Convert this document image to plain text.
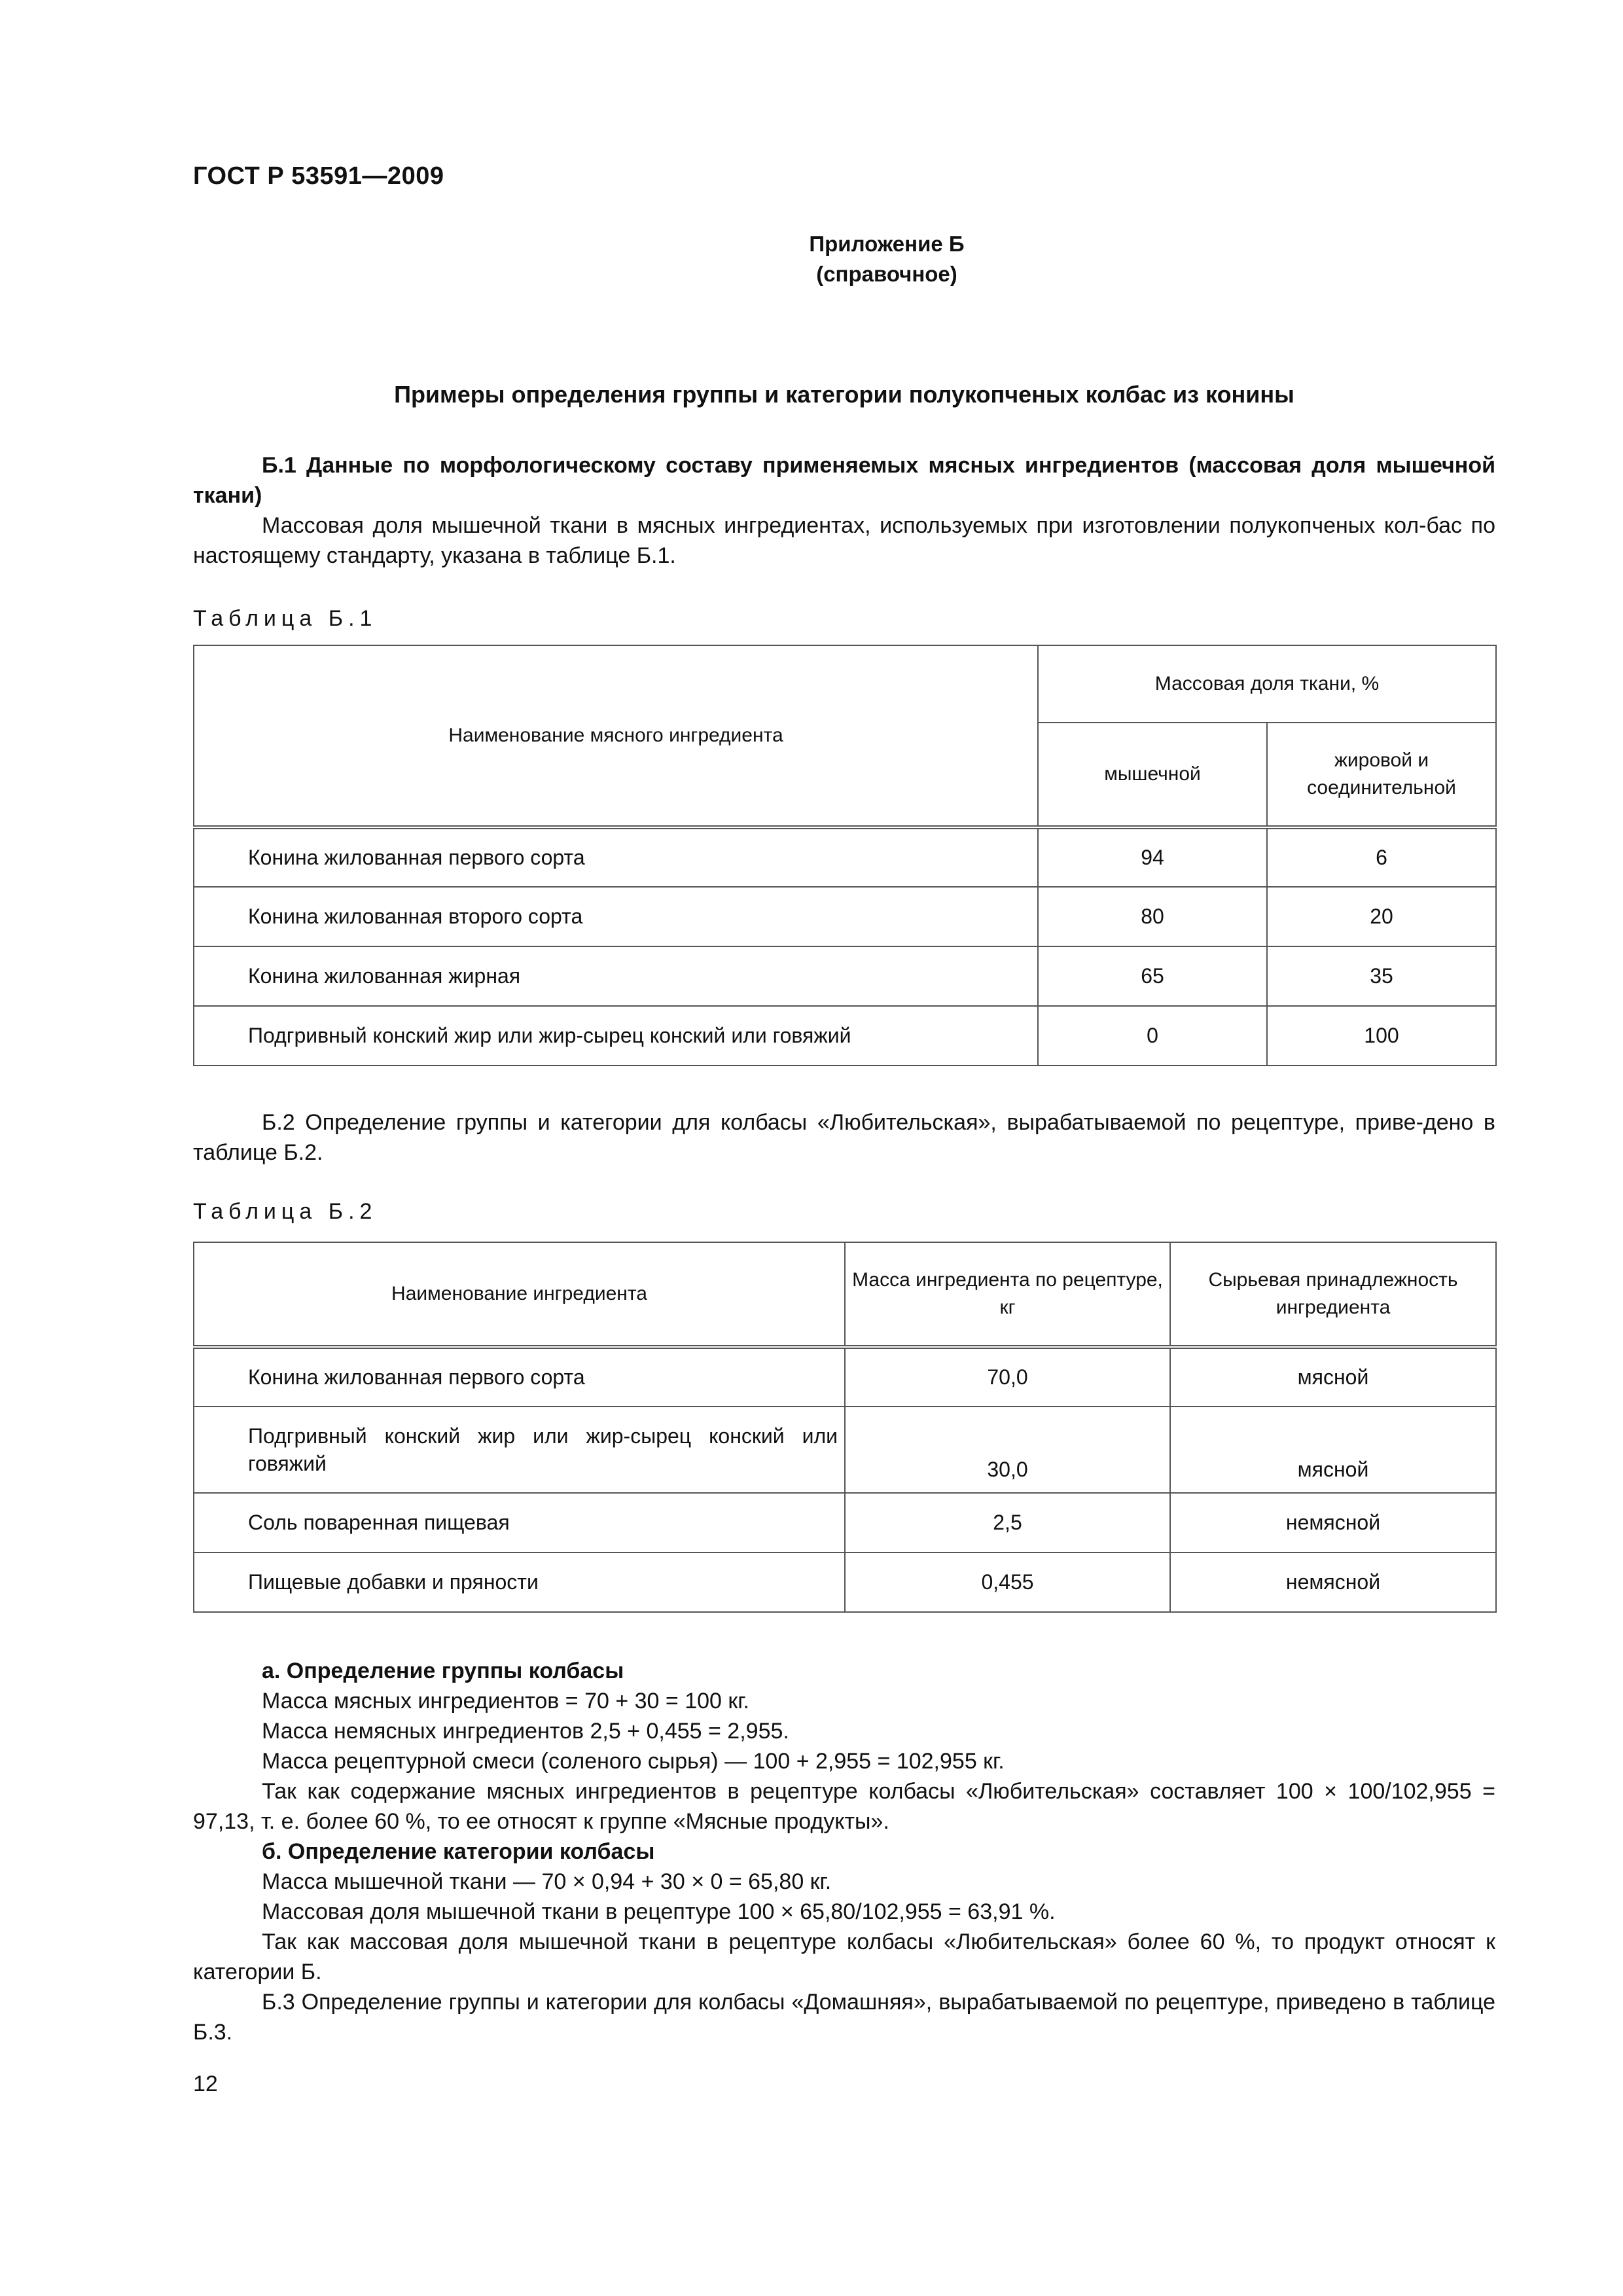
ГОСТ Р 53591—2009
Приложение Б
(справочное)
Примеры определения группы и категории полукопченых колбас из конины
Б.1 Данные по морфологическому составу применяемых мясных ингредиентов (массовая доля мышечной ткани)
Массовая доля мышечной ткани в мясных ингредиентах, используемых при изготовлении полукопченых кол-бас по настоящему стандарту, указана в таблице Б.1.
Таблица Б.1
Наименование мясного ингредиента	Массовая доля ткани, %	
	мышечной	жировой и соединительной
Конина жилованная первого сорта	94	6
Конина жилованная второго сорта	80	20
Конина жилованная жирная	65	35
Подгривный конский жир или жир-сырец конский или говяжий	0	100
Б.2 Определение группы и категории для колбасы «Любительская», вырабатываемой по рецептуре, приве-дено в таблице Б.2.
Таблица Б.2
Наименование ингредиента	Масса ингредиента по рецептуре, кг	Сырьевая принадлежность ингредиента
Конина жилованная первого сорта	70,0	мясной
Подгривный конский жир или жир-сырец конский или говяжий	30,0	мясной
Соль поваренная пищевая	2,5	немясной
Пищевые добавки и пряности	0,455	немясной
а. Определение группы колбасы
Масса мясных ингредиентов = 70 + 30 = 100 кг.
Масса немясных ингредиентов 2,5 + 0,455 = 2,955.
Масса рецептурной смеси (соленого сырья) — 100 + 2,955 = 102,955 кг.
Так как содержание мясных ингредиентов в рецептуре колбасы «Любительская» составляет 100 × 100/102,955 = 97,13, т. е. более 60 %, то ее относят к группе «Мясные продукты».
б. Определение категории колбасы
Масса мышечной ткани — 70 × 0,94 + 30 × 0 = 65,80 кг.
Массовая доля мышечной ткани в рецептуре 100 × 65,80/102,955 = 63,91 %.
Так как массовая доля мышечной ткани в рецептуре колбасы «Любительская» более 60 %, то продукт относят к категории Б.
Б.3 Определение группы и категории для колбасы «Домашняя», вырабатываемой по рецептуре, приведено в таблице Б.3.
12
